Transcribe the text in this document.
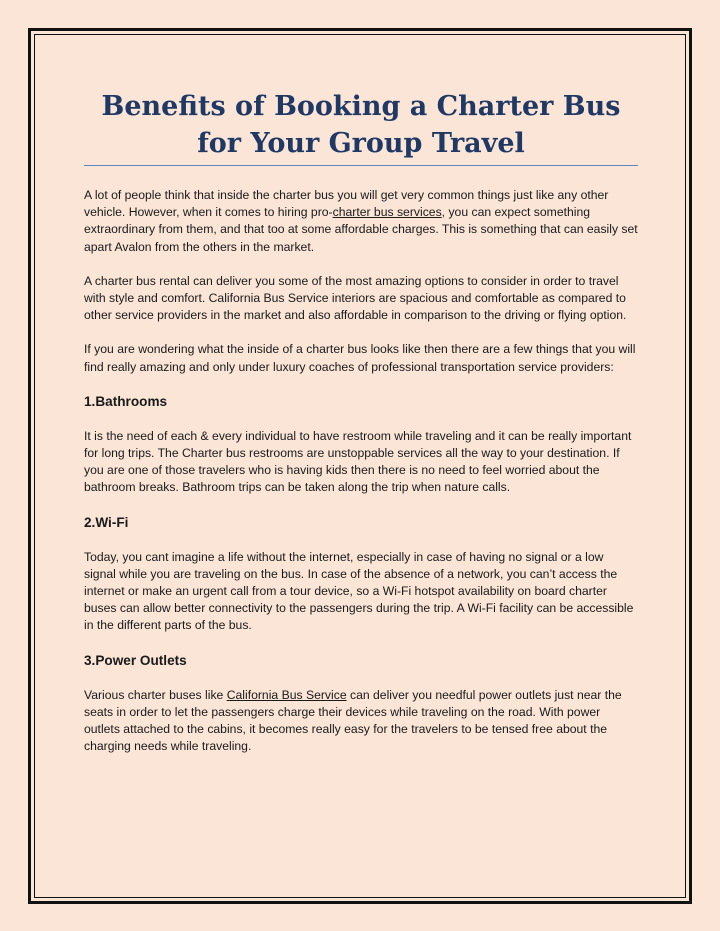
Benefits of Booking a Charter Bus for Your Group Travel

A lot of people think that inside the charter bus you will get very common things just like any other vehicle. However, when it comes to hiring pro-charter bus services, you can expect something extraordinary from them, and that too at some affordable charges. This is something that can easily set apart Avalon from the others in the market.

A charter bus rental can deliver you some of the most amazing options to consider in order to travel with style and comfort. California Bus Service interiors are spacious and comfortable as compared to other service providers in the market and also affordable in comparison to the driving or flying option.

If you are wondering what the inside of a charter bus looks like then there are a few things that you will find really amazing and only under luxury coaches of professional transportation service providers:

1.Bathrooms

It is the need of each & every individual to have restroom while traveling and it can be really important for long trips. The Charter bus restrooms are unstoppable services all the way to your destination. If you are one of those travelers who is having kids then there is no need to feel worried about the bathroom breaks. Bathroom trips can be taken along the trip when nature calls.

2.Wi-Fi

Today, you cant imagine a life without the internet, especially in case of having no signal or a low signal while you are traveling on the bus. In case of the absence of a network, you can’t access the internet or make an urgent call from a tour device, so a Wi-Fi hotspot availability on board charter buses can allow better connectivity to the passengers during the trip. A Wi-Fi facility can be accessible in the different parts of the bus.

3.Power Outlets

Various charter buses like California Bus Service can deliver you needful power outlets just near the seats in order to let the passengers charge their devices while traveling on the road. With power outlets attached to the cabins, it becomes really easy for the travelers to be tensed free about the charging needs while traveling.
